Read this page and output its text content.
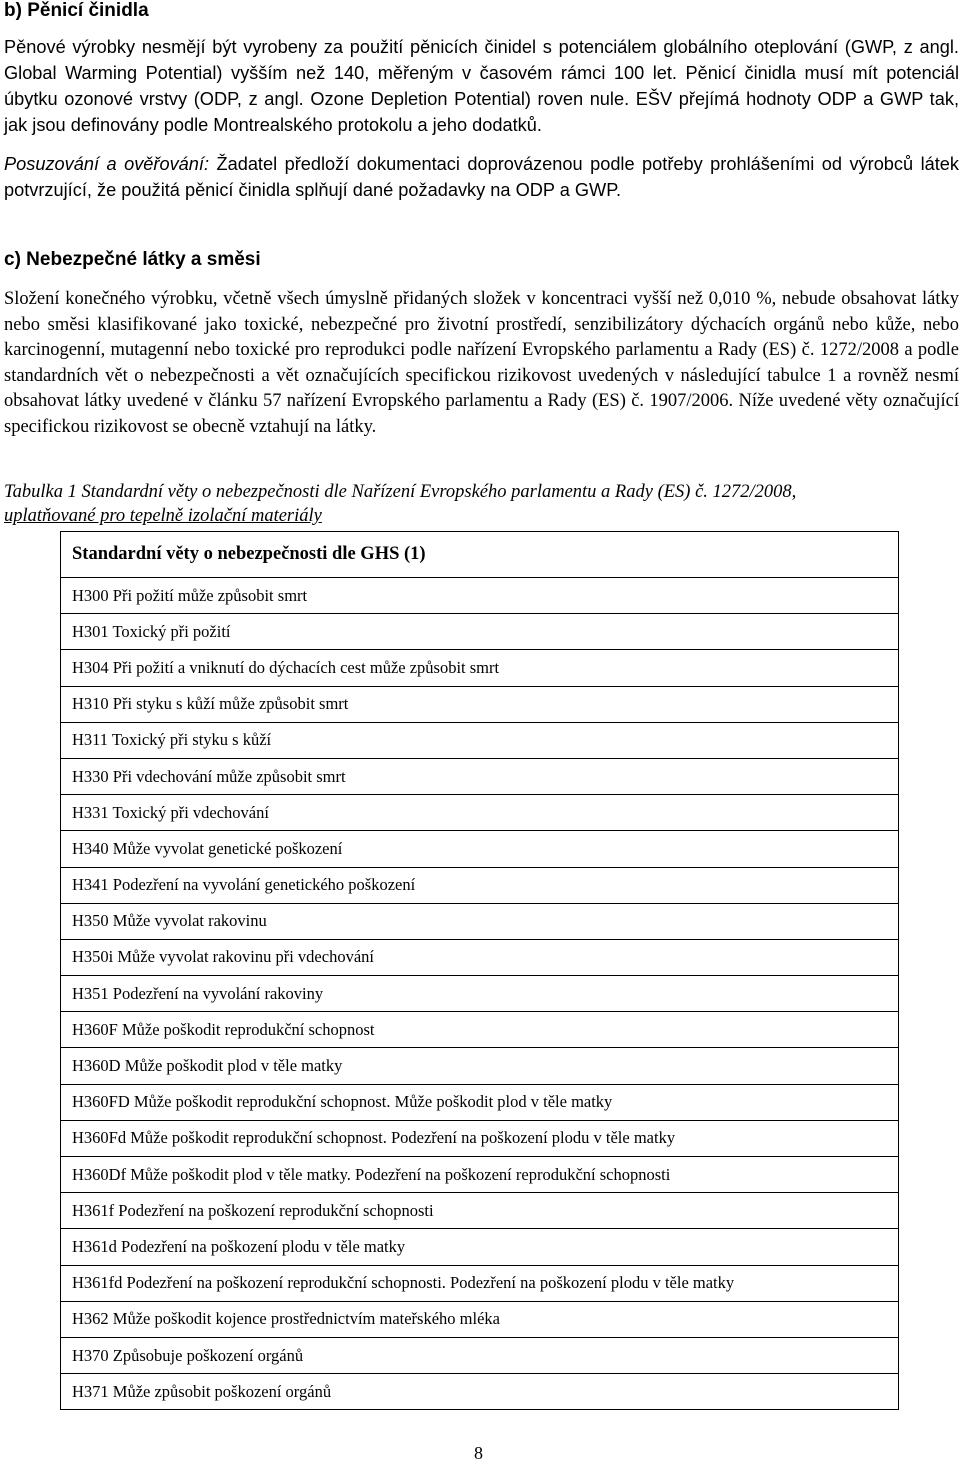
b) Pěnicí činidla
Pěnové výrobky nesmějí být vyrobeny za použití pěnicích činidel s potenciálem globálního oteplování (GWP, z angl. Global Warming Potential) vyšším než 140, měřeným v časovém rámci 100 let. Pěnicí činidla musí mít potenciál úbytku ozonové vrstvy (ODP, z angl. Ozone Depletion Potential) roven nule. EŠV přejímá hodnoty ODP a GWP tak, jak jsou definovány podle Montrealského protokolu a jeho dodatků.
Posuzování a ověřování: Žadatel předloží dokumentaci doprovázenou podle potřeby prohlášeními od výrobců látek potvrzující, že použitá pěnicí činidla splňují dané požadavky na ODP a GWP.
c) Nebezpečné látky a směsi
Složení konečného výrobku, včetně všech úmyslně přidaných složek v koncentraci vyšší než 0,010 %, nebude obsahovat látky nebo směsi klasifikované jako toxické, nebezpečné pro životní prostředí, senzibilizátory dýchacích orgánů nebo kůže, nebo karcinogenní, mutagenní nebo toxické pro reprodukci podle nařízení Evropského parlamentu a Rady (ES) č. 1272/2008 a podle standardních vět o nebezpečnosti a vět označujících specifickou rizikovost uvedených v následující tabulce 1 a rovněž nesmí obsahovat látky uvedené v článku 57 nařízení Evropského parlamentu a Rady (ES) č. 1907/2006. Níže uvedené věty označující specifickou rizikovost se obecně vztahují na látky.
Tabulka 1 Standardní věty o nebezpečnosti dle Nařízení Evropského parlamentu a Rady (ES) č. 1272/2008,
uplatňované pro tepelně izolační materiály
Standardní věty o nebezpečnosti dle GHS (1)
H300 Při požití může způsobit smrt
H301 Toxický při požití
H304 Při požití a vniknutí do dýchacích cest může způsobit smrt
H310 Při styku s kůží může způsobit smrt
H311 Toxický při styku s kůží
H330 Při vdechování může způsobit smrt
H331 Toxický při vdechování
H340 Může vyvolat genetické poškození
H341 Podezření na vyvolání genetického poškození
H350 Může vyvolat rakovinu
H350i Může vyvolat rakovinu při vdechování
H351 Podezření na vyvolání rakoviny
H360F Může poškodit reprodukční schopnost
H360D Může poškodit plod v těle matky
H360FD Může poškodit reprodukční schopnost. Může poškodit plod v těle matky
H360Fd Může poškodit reprodukční schopnost. Podezření na poškození plodu v těle matky
H360Df Může poškodit plod v těle matky. Podezření na poškození reprodukční schopnosti
H361f Podezření na poškození reprodukční schopnosti
H361d Podezření na poškození plodu v těle matky
H361fd Podezření na poškození reprodukční schopnosti. Podezření na poškození plodu v těle matky
H362 Může poškodit kojence prostřednictvím mateřského mléka
H370 Způsobuje poškození orgánů
H371 Může způsobit poškození orgánů
8
